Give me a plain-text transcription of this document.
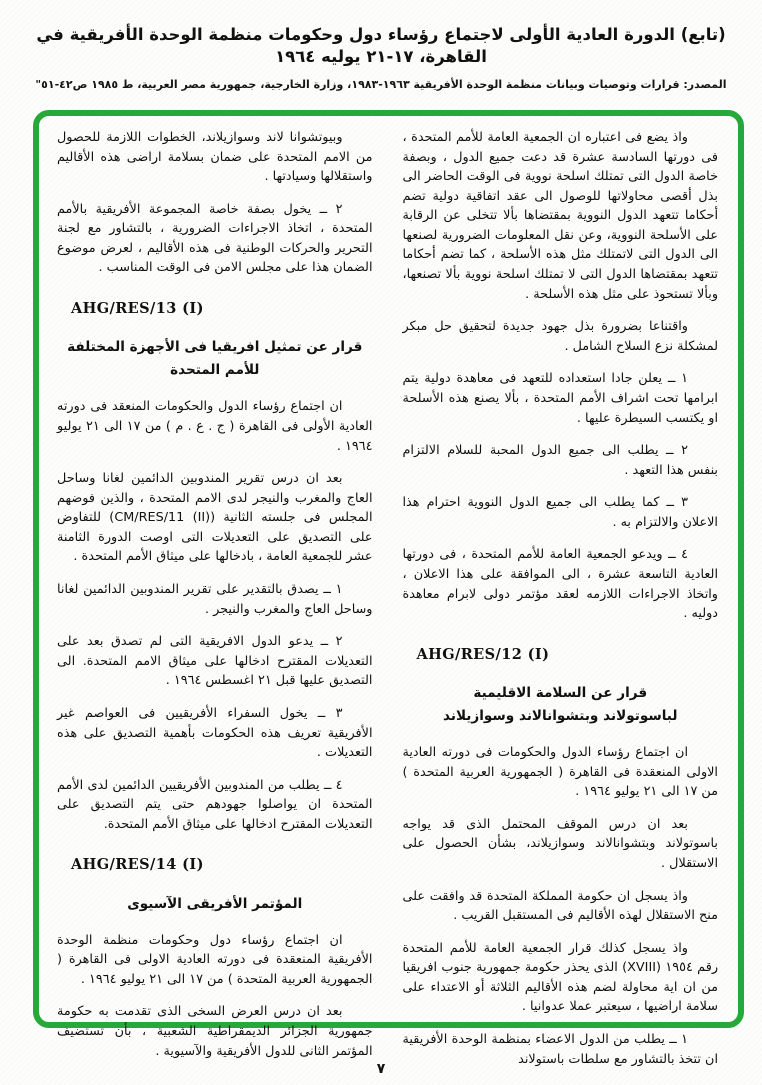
(تابع) الدورة العادية الأولى لاجتماع رؤساء دول وحكومات منظمة الوحدة الأفريقية في القاهرة، ١٧-٢١ يوليه ١٩٦٤
المصدر: قرارات وتوصيات وبيانات منظمة الوحدة الأفريقية ١٩٦٣-١٩٨٣، وزارة الخارجية، جمهورية مصر العربية، ط ١٩٨٥ ص٤٢-٥١"
واذ يضع فى اعتباره ان الجمعية العامة للأمم المتحدة ، فى دورتها السادسة عشرة قد دعت جميع الدول ، وبصفة خاصة الدول التى تمتلك اسلحة نووية فى الوقت الحاضر الى بذل أقصى محاولاتها للوصول الى عقد اتفاقية دولية تضم أحكاما تتعهد الدول النووية بمقتضاها بألا تتخلى عن الرقابة على الأسلحة النووية، وعن نقل المعلومات الضرورية لصنعها الى الدول التى لاتمتلك مثل هذه الأسلحة ، كما تضم أحكاما تتعهد بمقتضاها الدول التى لا تمتلك اسلحة نووية بألا تصنعها، وبألا تستحوذ على مثل هذه الأسلحة .
واقتناعا بضرورة بذل جهود جديدة لتحقيق حل مبكر لمشكلة نزع السلاح الشامل .
١ ــ يعلن جادا استعداده للتعهد فى معاهدة دولية يتم ابرامها تحت اشراف الأمم المتحدة ، بألا يصنع هذه الأسلحة او يكتسب السيطرة عليها .
٢ ــ يطلب الى جميع الدول المحبة للسلام الالتزام بنفس هذا التعهد .
٣ ــ كما يطلب الى جميع الدول النووية احترام هذا الاعلان والالتزام به .
٤ ــ ويدعو الجمعية العامة للأمم المتحدة ، فى دورتها العادية التاسعة عشرة ، الى الموافقة على هذا الاعلان ، واتخاذ الاجراءات اللازمه لعقد مؤتمر دولى لابرام معاهدة دوليه .
AHG/RES/12 (I)
قرار عن السلامة الاقليمية
لباسوتولاند وبتشوانالاند وسوازيلاند
ان اجتماع رؤساء الدول والحكومات فى دورته العادية الاولى المنعقدة فى القاهرة ( الجمهورية العربية المتحدة ) من ١٧ الى ٢١ يوليو ١٩٦٤ .
بعد ان درس الموقف المحتمل الذى قد يواجه باسوتولاند وبتشوانالاند وسوازيلاند، بشأن الحصول على الاستقلال .
واذ يسجل ان حكومة المملكة المتحدة قد وافقت على منح الاستقلال لهذه الأقاليم فى المستقبل القريب .
واذ يسجل كذلك قرار الجمعية العامة للأمم المتحدة رقم ١٩٥٤ (XVIII) الذى يحذر حكومة جمهورية جنوب افريقيا من ان اية محاولة لضم هذه الأقاليم الثلاثة أو الاعتداء على سلامة اراضيها ، سيعتبر عملا عدوانيا .
١ ــ يطلب من الدول الاعضاء بمنظمة الوحدة الأفريقية ان تتخذ بالتشاور مع سلطات باستولاند
وبيوتشوانا لاند وسوازيلاند، الخطوات اللازمة للحصول من الامم المتحدة على ضمان بسلامة اراضى هذه الأقاليم واستقلالها وسيادتها .
٢ ــ يخول بصفة خاصة المجموعة الأفريقية بالأمم المتحدة ، اتخاذ الاجراءات الضرورية ، بالتشاور مع لجنة التحرير والحركات الوطنية فى هذه الأقاليم ، لعرض موضوع الضمان هذا على مجلس الامن فى الوقت المناسب .
AHG/RES/13 (I)
قرار عن تمثيل افريقيا فى الأجهزة المختلفة للأمم المتحدة
ان اجتماع رؤساء الدول والحكومات المنعقد فى دورته العادية الأولى فى القاهرة ( ج . ع . م ) من ١٧ الى ٢١ يوليو ١٩٦٤ .
بعد ان درس تقرير المندوبين الدائمين لغانا وساحل العاج والمغرب والنيجر لدى الامم المتحدة ، والذين فوضهم المجلس فى جلسته الثانية (CM/RES/11 (II)) للتفاوض على التصديق على التعديلات التى اوصت الدورة الثامنة عشر للجمعية العامة ، بادخالها على ميثاق الأمم المتحدة .
١ ــ يصدق بالتقدير على تقرير المندوبين الدائمين لغانا وساحل العاج والمغرب والنيجر .
٢ ــ يدعو الدول الافريقية التى لم تصدق بعد على التعديلات المقترح ادخالها على ميثاق الامم المتحدة. الى التصديق عليها قبل ٢١ اغسطس ١٩٦٤ .
٣ ــ يخول السفراء الأفريقيين فى العواصم غير الأفريقية تعريف هذه الحكومات بأهمية التصديق على هذه التعديلات .
٤ ــ يطلب من المندوبين الأفريقيين الدائمين لدى الأمم المتحدة ان يواصلوا جهودهم حتى يتم التصديق على التعديلات المقترح ادخالها على ميثاق الأمم المتحدة.
AHG/RES/14 (I)
المؤتمر الأفريقى الآسيوى
ان اجتماع رؤساء دول وحكومات منظمة الوحدة الأفريقية المنعقدة فى دورته العادية الاولى فى القاهرة ( الجمهورية العربية المتحدة ) من ١٧ الى ٢١ يوليو ١٩٦٤ .
بعد ان درس العرض السخى الذى تقدمت به حكومة جمهورية الجزائر الديمقراطية الشعبية ، بأن تستضيف المؤتمر الثانى للدول الأفريقية والآسيوية .
٧
